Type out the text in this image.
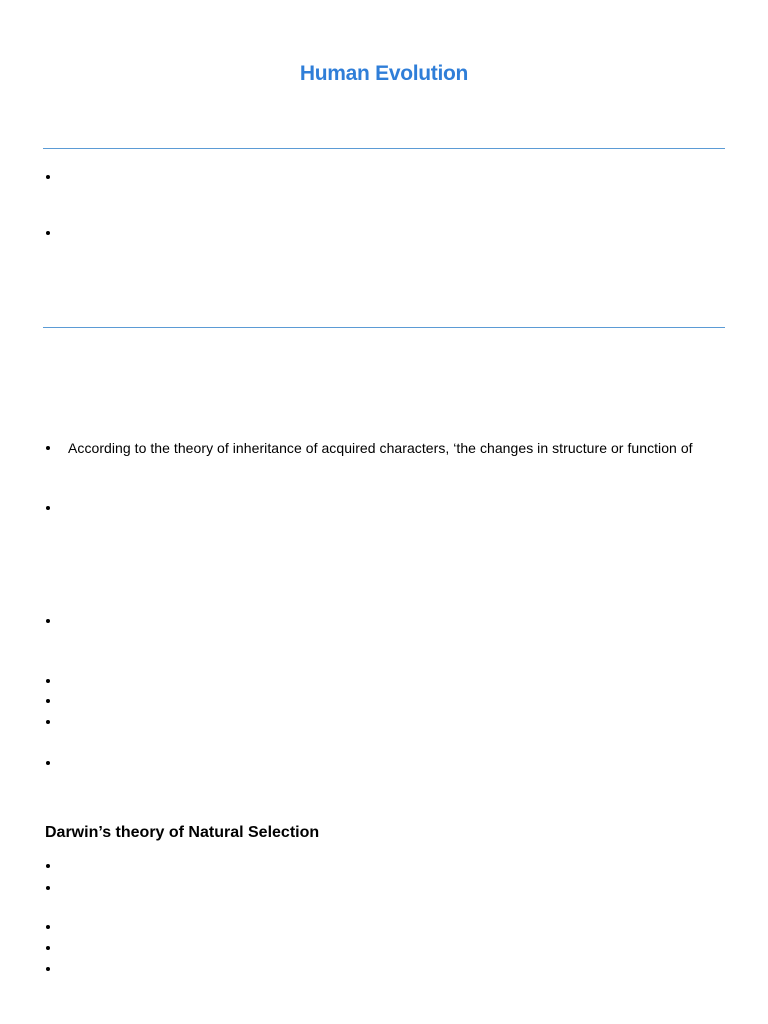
Human Evolution
According to the theory of inheritance of acquired characters, ‘the changes in structure or function of
Darwin’s theory of Natural Selection
